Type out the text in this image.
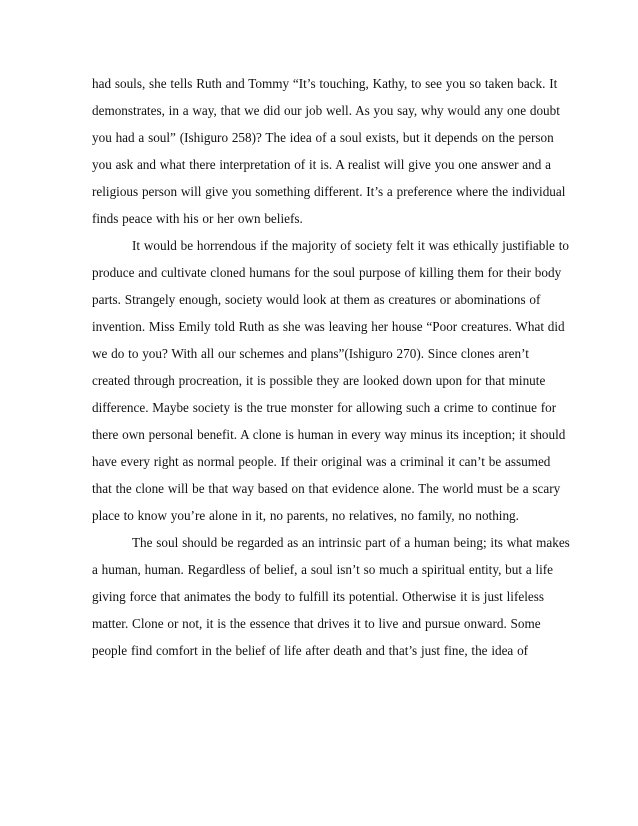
had souls, she tells Ruth and Tommy “It’s touching, Kathy, to see you so taken back. It
demonstrates, in a way, that we did our job well. As you say, why would any one doubt
you had a soul” (Ishiguro 258)? The idea of a soul exists, but it depends on the person
you ask and what there interpretation of it is. A realist will give you one answer and a
religious person will give you something different. It’s a preference where the individual
finds peace with his or her own beliefs.
It would be horrendous if the majority of society felt it was ethically justifiable to
produce and cultivate cloned humans for the soul purpose of killing them for their body
parts. Strangely enough, society would look at them as creatures or abominations of
invention. Miss Emily told Ruth as she was leaving her house “Poor creatures. What did
we do to you? With all our schemes and plans”(Ishiguro 270). Since clones aren’t
created through procreation, it is possible they are looked down upon for that minute
difference. Maybe society is the true monster for allowing such a crime to continue for
there own personal benefit. A clone is human in every way minus its inception; it should
have every right as normal people. If their original was a criminal it can’t be assumed
that the clone will be that way based on that evidence alone. The world must be a scary
place to know you’re alone in it, no parents, no relatives, no family, no nothing.
The soul should be regarded as an intrinsic part of a human being; its what makes
a human, human. Regardless of belief, a soul isn’t so much a spiritual entity, but a life
giving force that animates the body to fulfill its potential. Otherwise it is just lifeless
matter. Clone or not, it is the essence that drives it to live and pursue onward. Some
people find comfort in the belief of life after death and that’s just fine, the idea of
